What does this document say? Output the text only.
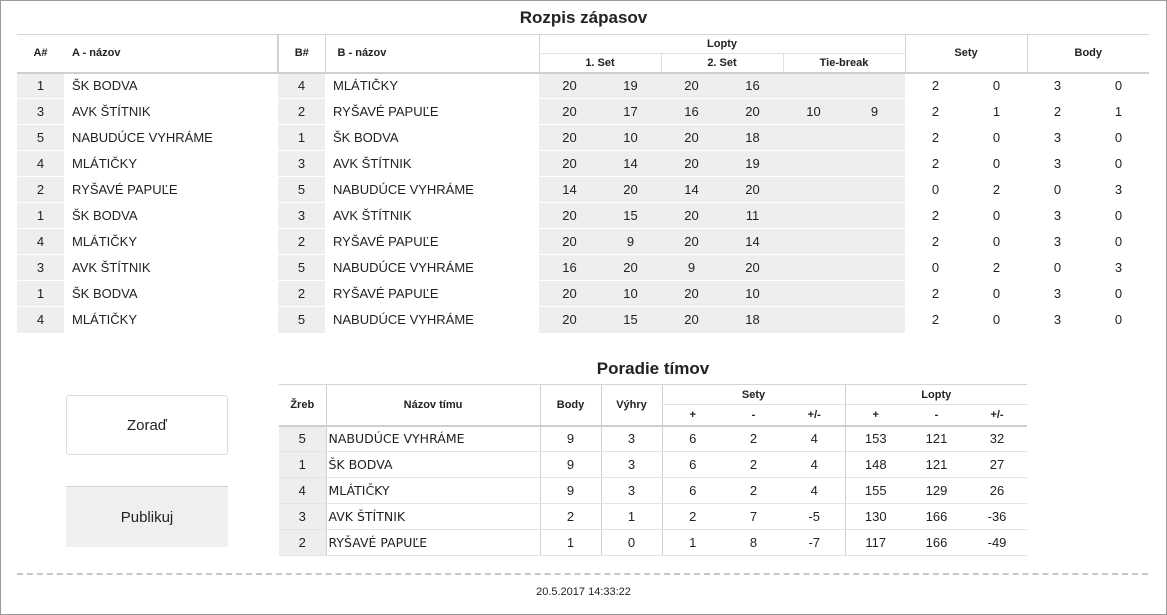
Rozpis zápasov
A#	A - názov	B#	B - názov	Lopty						Sety		Body	
				1. Set		2. Set		Tie-break					
1	ŠK BODVA	4	MLÁTIČKY	20	19	20	16			2	0	3	0
3	AVK ŠTÍTNIK	2	RYŠAVÉ PAPUĽE	20	17	16	20	10	9	2	1	2	1
5	NABUDÚCE VYHRÁME	1	ŠK BODVA	20	10	20	18			2	0	3	0
4	MLÁTIČKY	3	AVK ŠTÍTNIK	20	14	20	19			2	0	3	0
2	RYŠAVÉ PAPUĽE	5	NABUDÚCE VYHRÁME	14	20	14	20			0	2	0	3
1	ŠK BODVA	3	AVK ŠTÍTNIK	20	15	20	11			2	0	3	0
4	MLÁTIČKY	2	RYŠAVÉ PAPUĽE	20	9	20	14			2	0	3	0
3	AVK ŠTÍTNIK	5	NABUDÚCE VYHRÁME	16	20	9	20			0	2	0	3
1	ŠK BODVA	2	RYŠAVÉ PAPUĽE	20	10	20	10			2	0	3	0
4	MLÁTIČKY	5	NABUDÚCE VYHRÁME	20	15	20	18			2	0	3	0
Poradie tímov
Žreb	Názov tímu	Body	Výhry	Sety			Lopty		
				+	-	+/-	+	-	+/-
5	NABUDÚCE VYHRÁME	9	3	6	2	4	153	121	32
1	ŠK BODVA	9	3	6	2	4	148	121	27
4	MLÁTIČKY	9	3	6	2	4	155	129	26
3	AVK ŠTÍTNIK	2	1	2	7	-5	130	166	-36
2	RYŠAVÉ PAPUĽE	1	0	1	8	-7	117	166	-49
Zoraď
Publikuj
20.5.2017 14:33:22
